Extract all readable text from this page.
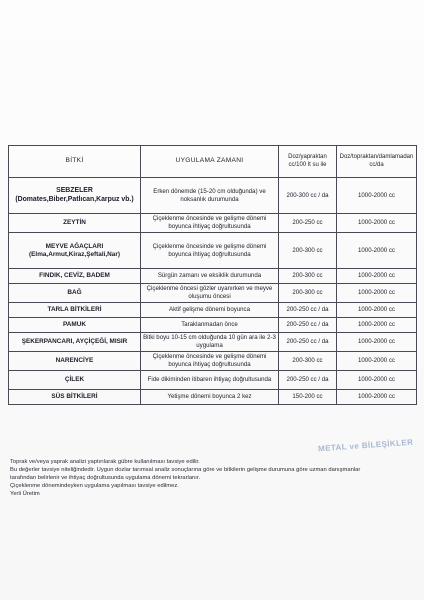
BİTKİ	UYGULAMA ZAMANI	Doz/yapraktan cc/100 lt su ile	Doz/topraktan/damlamadan cc/da
SEBZELER (Domates,Biber,Patlıcan,Karpuz vb.)	Erken dönemde (15-20 cm olduğunda) ve noksanlık durumunda	200-300 cc / da	1000-2000 cc
ZEYTİN	Çiçeklenme öncesinde ve gelişme dönemi boyunca ihtiyaç doğrultusunda	200-250 cc	1000-2000 cc
MEYVE AĞAÇLARI (Elma,Armut,Kiraz,Şeftali,Nar)	Çiçeklenme öncesinde ve gelişme dönemi boyunca ihtiyaç doğrultusunda	200-300 cc	1000-2000 cc
FINDIK, CEVİZ, BADEM	Sürgün zamanı ve eksiklik durumunda	200-300 cc	1000-2000 cc
BAĞ	Çiçeklenme öncesi gözler uyanırken ve meyve oluşumu öncesi	200-300 cc	1000-2000 cc
TARLA BİTKİLERİ	Aktif gelişme dönemi boyunca	200-250 cc / da	1000-2000 cc
PAMUK	Taraklanmadan önce	200-250 cc / da	1000-2000 cc
ŞEKERPANCARI, AYÇİÇEĞİ, MISIR	Bitki boyu 10-15 cm olduğunda 10 gün ara ile 2-3 uygulama	200-250 cc / da	1000-2000 cc
NARENCİYE	Çiçeklenme öncesinde ve gelişme dönemi boyunca ihtiyaç doğrultusunda	200-300 cc	1000-2000 cc
ÇİLEK	Fide dikiminden itibaren ihtiyaç doğrultusunda	200-250 cc / da	1000-2000 cc
SÜS BİTKİLERİ	Yetişme dönemi boyunca 2 kez	150-200 cc	1000-2000 cc
METAL ve BİLEŞİKLER
Toprak ve/veya yaprak analizi yaptırılarak gübre kullanılması tavsiye edilir.
Bu değerler tavsiye niteliğindedir. Uygun dozlar tarımsal analiz sonuçlarına göre ve bitkilerin gelişme durumuna göre uzman danışmanlar
tarafından belirlenir ve ihtiyaç doğrultusunda uygulama dönemi tekrarlanır.
Çiçeklenme dönemindeyken uygulama yapılması tavsiye edilmez.
Yerli Üretim
